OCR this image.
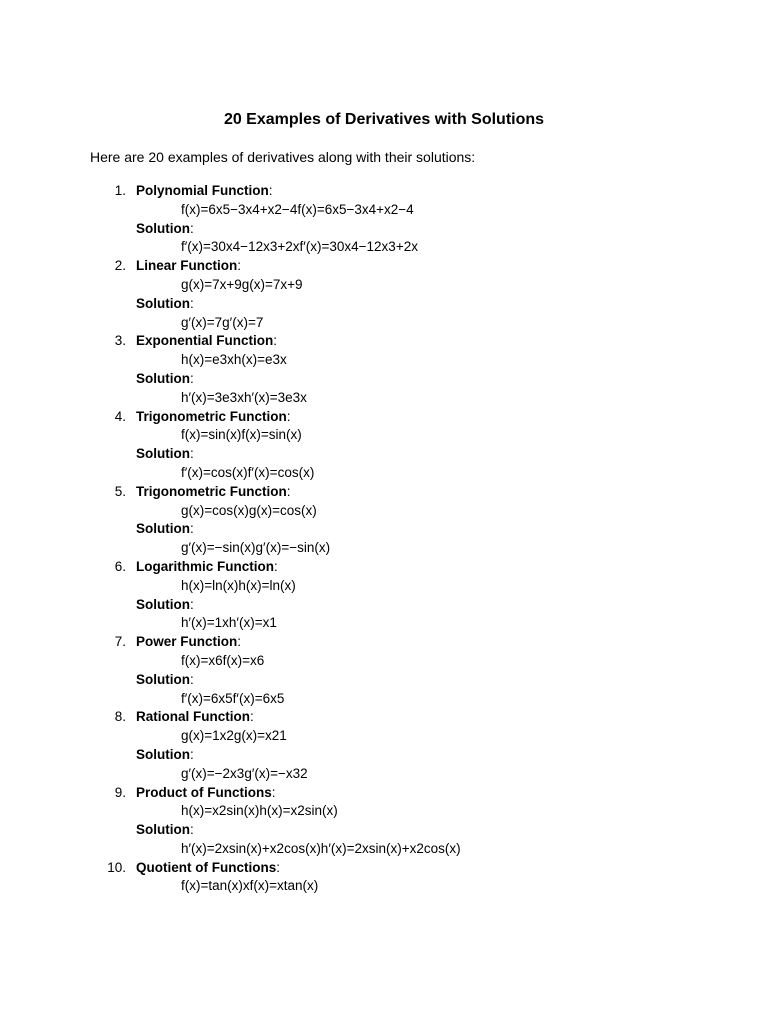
20 Examples of Derivatives with Solutions

Here are 20 examples of derivatives along with their solutions:

1. Polynomial Function:
f(x)=6x5−3x4+x2−4f(x)=6x5−3x4+x2−4
Solution:
f′(x)=30x4−12x3+2xf′(x)=30x4−12x3+2x
2. Linear Function:
g(x)=7x+9g(x)=7x+9
Solution:
g′(x)=7g′(x)=7
3. Exponential Function:
h(x)=e3xh(x)=e3x
Solution:
h′(x)=3e3xh′(x)=3e3x
4. Trigonometric Function:
f(x)=sin(x)f(x)=sin(x)
Solution:
f′(x)=cos(x)f′(x)=cos(x)
5. Trigonometric Function:
g(x)=cos(x)g(x)=cos(x)
Solution:
g′(x)=−sin(x)g′(x)=−sin(x)
6. Logarithmic Function:
h(x)=ln(x)h(x)=ln(x)
Solution:
h′(x)=1xh′(x)=x1
7. Power Function:
f(x)=x6f(x)=x6
Solution:
f′(x)=6x5f′(x)=6x5
8. Rational Function:
g(x)=1x2g(x)=x21
Solution:
g′(x)=−2x3g′(x)=−x32
9. Product of Functions:
h(x)=x2sin(x)h(x)=x2sin(x)
Solution:
h′(x)=2xsin(x)+x2cos(x)h′(x)=2xsin(x)+x2cos(x)
10. Quotient of Functions:
f(x)=tan(x)xf(x)=xtan(x)
